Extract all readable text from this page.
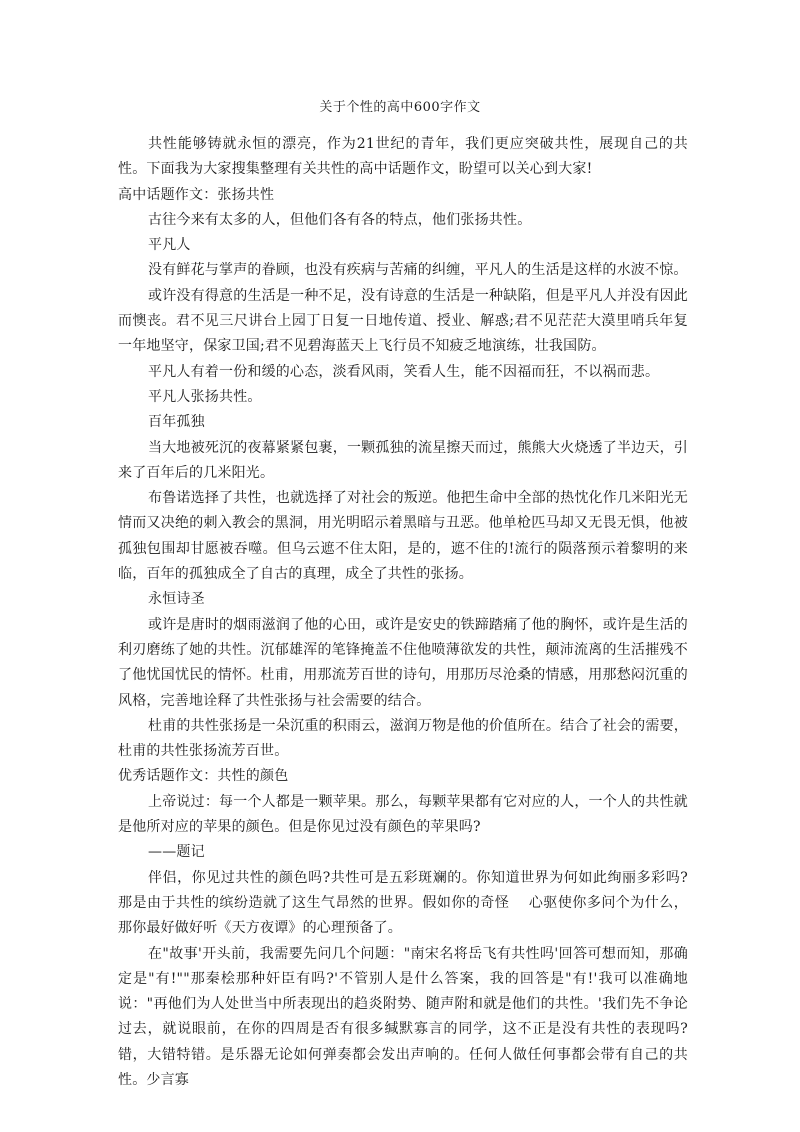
关于个性的高中600字作文

共性能够铸就永恒的漂亮，作为21世纪的青年，我们更应突破共性，展现自己的共性。下面我为大家搜集整理有关共性的高中话题作文，盼望可以关心到大家!

高中话题作文：张扬共性

古往今来有太多的人，但他们各有各的特点，他们张扬共性。

平凡人

没有鲜花与掌声的眷顾，也没有疾病与苦痛的纠缠，平凡人的生活是这样的水波不惊。

或许没有得意的生活是一种不足，没有诗意的生活是一种缺陷，但是平凡人并没有因此而懊丧。君不见三尺讲台上园丁日复一日地传道、授业、解惑;君不见茫茫大漠里哨兵年复一年地坚守，保家卫国;君不见碧海蓝天上飞行员不知疲乏地演练，壮我国防。

平凡人有着一份和缓的心态，淡看风雨，笑看人生，能不因福而狂，不以祸而悲。

平凡人张扬共性。

百年孤独

当大地被死沉的夜幕紧紧包裹，一颗孤独的流星擦天而过，熊熊大火烧透了半边天，引来了百年后的几米阳光。

布鲁诺选择了共性，也就选择了对社会的叛逆。他把生命中全部的热忱化作几米阳光无情而又决绝的刺入教会的黑洞，用光明昭示着黑暗与丑恶。他单枪匹马却又无畏无惧，他被孤独包围却甘愿被吞噬。但乌云遮不住太阳，是的，遮不住的!流行的陨落预示着黎明的来临，百年的孤独成全了自古的真理，成全了共性的张扬。

永恒诗圣

或许是唐时的烟雨滋润了他的心田，或许是安史的铁蹄踏痛了他的胸怀，或许是生活的利刃磨练了她的共性。沉郁雄浑的笔锋掩盖不住他喷薄欲发的共性，颠沛流离的生活摧残不了他忧国忧民的情怀。杜甫，用那流芳百世的诗句，用那历尽沧桑的情感，用那愁闷沉重的风格，完善地诠释了共性张扬与社会需要的结合。

杜甫的共性张扬是一朵沉重的积雨云，滋润万物是他的价值所在。结合了社会的需要，杜甫的共性张扬流芳百世。

优秀话题作文：共性的颜色

上帝说过：每一个人都是一颗苹果。那么，每颗苹果都有它对应的人，一个人的共性就是他所对应的苹果的颜色。但是你见过没有颜色的苹果吗?

——题记

伴侣，你见过共性的颜色吗?共性可是五彩斑斓的。你知道世界为何如此绚丽多彩吗?那是由于共性的缤纷造就了这生气昂然的世界。假如你的奇怪　 心驱使你多问个为什么，那你最好做好听《天方夜谭》的心理预备了。

在"故事'开头前，我需要先问几个问题："南宋名将岳飞有共性吗'回答可想而知，那确定是"有!""那秦桧那种奸臣有吗?'不管别人是什么答案，我的回答是"有!'我可以准确地说："再他们为人处世当中所表现出的趋炎附势、随声附和就是他们的共性。'我们先不争论过去，就说眼前，在你的四周是否有很多缄默寡言的同学，这不正是没有共性的表现吗?错，大错特错。是乐器无论如何弹奏都会发出声响的。任何人做任何事都会带有自己的共性。少言寡
